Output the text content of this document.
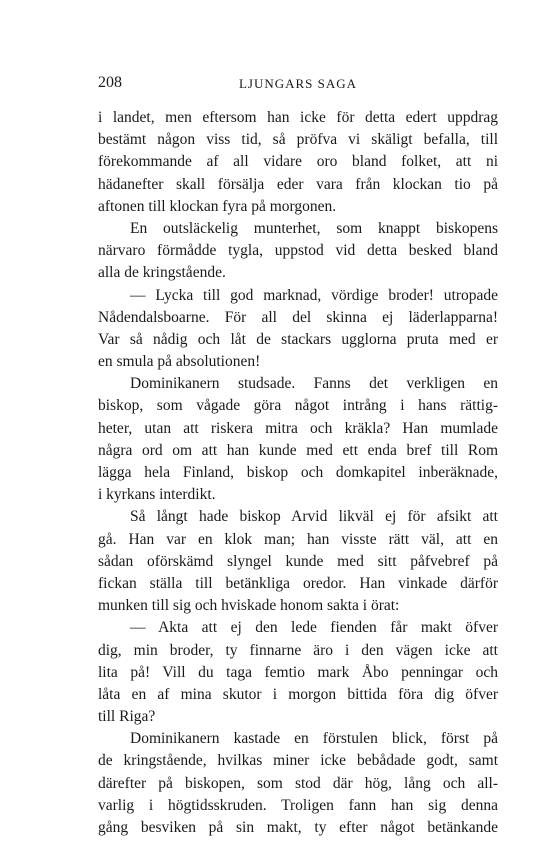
208	LJUNGARS SAGA
i landet, men eftersom han icke för detta edert uppdrag
bestämt någon viss tid, så pröfva vi skäligt befalla, till
förekommande af all vidare oro bland folket, att ni
hädanefter skall försälja eder vara från klockan tio på
aftonen till klockan fyra på morgonen.
En outsläckelig munterhet, som knappt biskopens
närvaro förmådde tygla, uppstod vid detta besked bland
alla de kringstående.
— Lycka till god marknad, vördige broder! utropade
Nådendalsboarne. För all del skinna ej läderlapparna!
Var så nådig och låt de stackars ugglorna pruta med er
en smula på absolutionen!
Dominikanern studsade. Fanns det verkligen en
biskop, som vågade göra något intrång i hans rättig-
heter, utan att riskera mitra och kräkla? Han mumlade
några ord om att han kunde med ett enda bref till Rom
lägga hela Finland, biskop och domkapitel inberäknade,
i kyrkans interdikt.
Så långt hade biskop Arvid likväl ej för afsikt att
gå. Han var en klok man; han visste rätt väl, att en
sådan oförskämd slyngel kunde med sitt påfvebref på
fickan ställa till betänkliga oredor. Han vinkade därför
munken till sig och hviskade honom sakta i örat:
— Akta att ej den lede fienden får makt öfver
dig, min broder, ty finnarne äro i den vägen icke att
lita på! Vill du taga femtio mark Åbo penningar och
låta en af mina skutor i morgon bittida föra dig öfver
till Riga?
Dominikanern kastade en förstulen blick, först på
de kringstående, hvilkas miner icke bebådade godt, samt
därefter på biskopen, som stod där hög, lång och all-
varlig i högtidsskruden. Troligen fann han sig denna
gång besviken på sin makt, ty efter något betänkande
